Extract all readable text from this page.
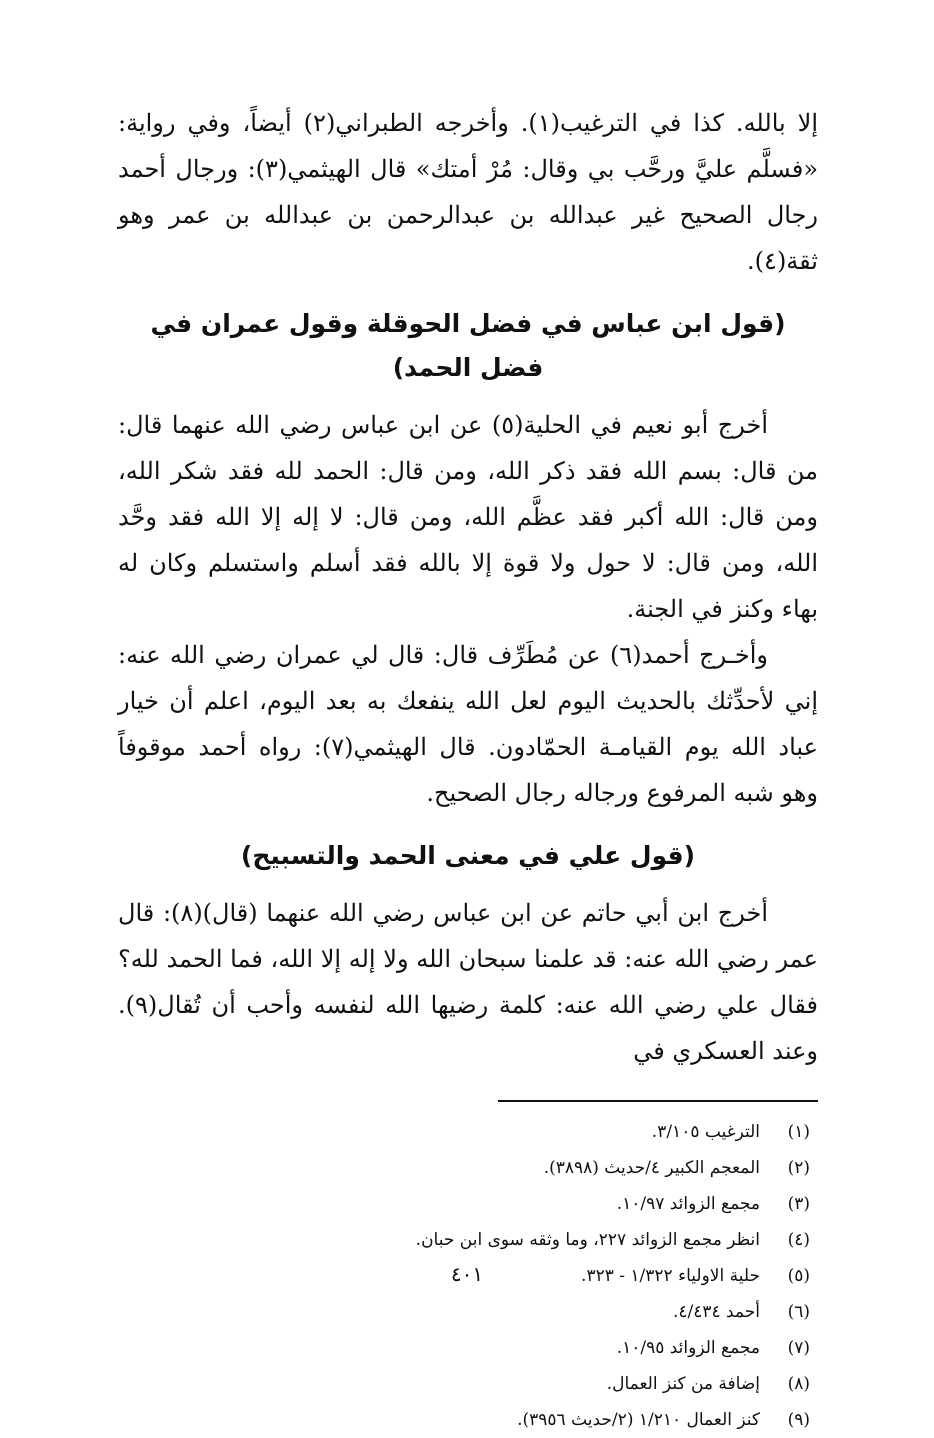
إلا بالله. كذا في الترغيب(١). وأخرجه الطبراني(٢) أيضاً، وفي رواية: «فسلَّم عليَّ ورحَّب بي وقال: مُرْ أمتك» قال الهيثمي(٣): ورجال أحمد رجال الصحيح غير عبدالله بن عبدالرحمن بن عبدالله بن عمر وهو ثقة(٤).

(قول ابن عباس في فضل الحوقلة وقول عمران في فضل الحمد)

أخرج أبو نعيم في الحلية(٥) عن ابن عباس رضي الله عنهما قال: من قال: بسم الله فقد ذكر الله، ومن قال: الحمد لله فقد شكر الله، ومن قال: الله أكبر فقد عظَّم الله، ومن قال: لا إله إلا الله فقد وحَّد الله، ومن قال: لا حول ولا قوة إلا بالله فقد أسلم واستسلم وكان له بهاء وكنز في الجنة.

وأخـرج أحمد(٦) عن مُطَرِّف قال: قال لي عمران رضي الله عنه: إني لأحدِّثك بالحديث اليوم لعل الله ينفعك به بعد اليوم، اعلم أن خيار عباد الله يوم القيامـة الحمّادون. قال الهيثمي(٧): رواه أحمد موقوفاً وهو شبه المرفوع ورجاله رجال الصحيح.

(قول علي في معنى الحمد والتسبيح)

أخرج ابن أبي حاتم عن ابن عباس رضي الله عنهما (قال)(٨): قال عمر رضي الله عنه: قد علمنا سبحان الله ولا إله إلا الله، فما الحمد لله؟ فقال علي رضي الله عنه: كلمة رضيها الله لنفسه وأحب أن تُقال(٩). وعند العسكري في

(١)
الترغيب ٣/١٠٥.
(٢)
المعجم الكبير ٤/حديث (٣٨٩٨).
(٣)
مجمع الزوائد ١٠/٩٧.
(٤)
انظر مجمع الزوائد ٢٢٧، وما وثقه سوى ابن حبان.
(٥)
حلية الاولياء ١/٣٢٢ - ٣٢٣.
(٦)
أحمد ٤/٤٣٤.
(٧)
مجمع الزوائد ١٠/٩٥.
(٨)
إضافة من كنز العمال.
(٩)
كنز العمال ١/٢١٠ (٢/حديث ٣٩٥٦).
٤٠١
